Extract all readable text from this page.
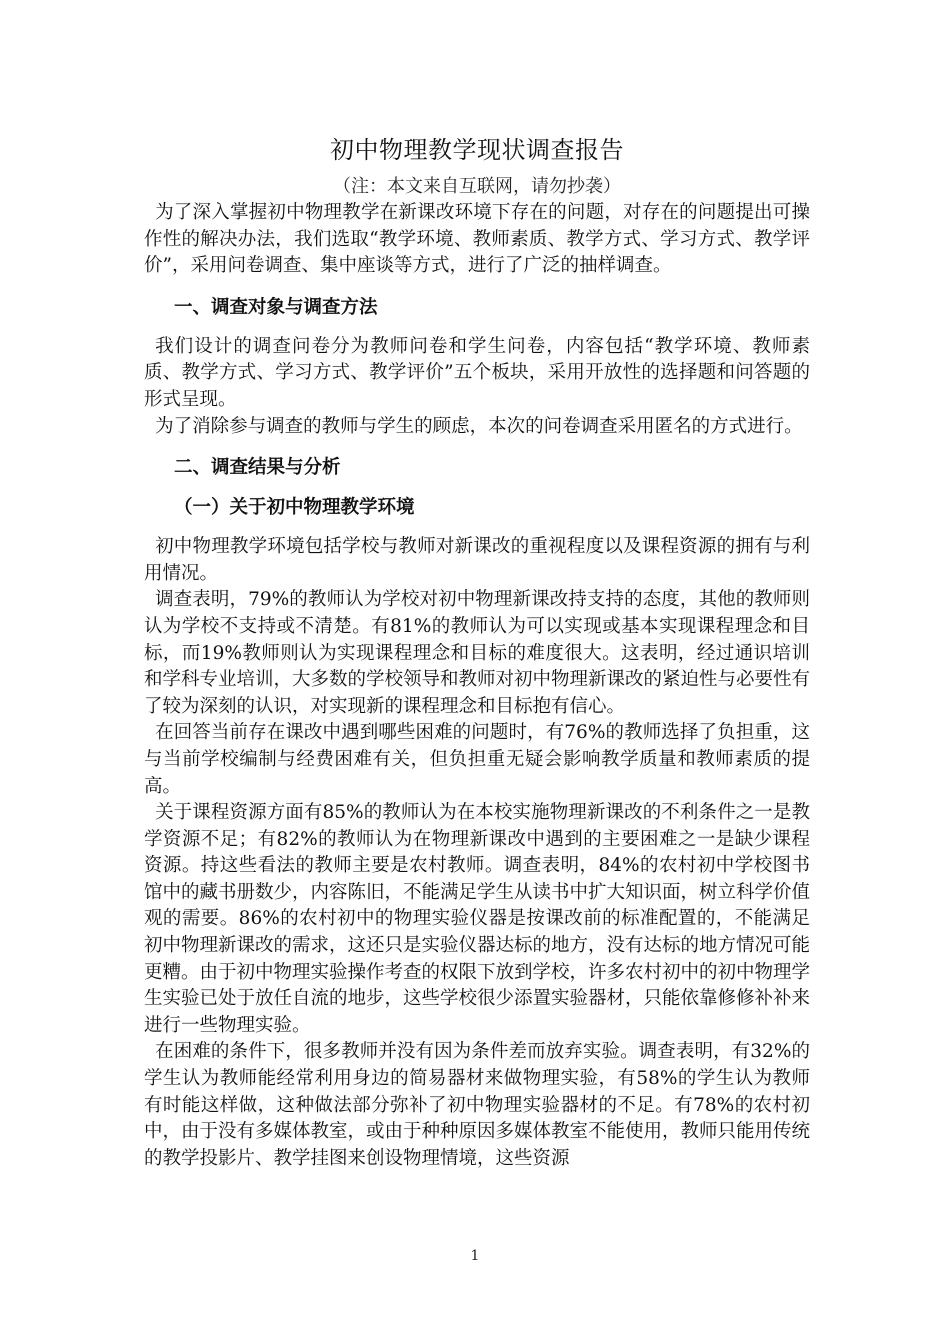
初中物理教学现状调查报告
（注：本文来自互联网，请勿抄袭）

为了深入掌握初中物理教学在新课改环境下存在的问题，对存在的问题提出可操作性的解决办法，我们选取“教学环境、教师素质、教学方式、学习方式、教学评价”，采用问卷调查、集中座谈等方式，进行了广泛的抽样调查。

一、调查对象与调查方法

我们设计的调查问卷分为教师问卷和学生问卷，内容包括“教学环境、教师素质、教学方式、学习方式、教学评价”五个板块，采用开放性的选择题和问答题的形式呈现。

为了消除参与调查的教师与学生的顾虑，本次的问卷调查采用匿名的方式进行。

二、调查结果与分析
（一）关于初中物理教学环境

初中物理教学环境包括学校与教师对新课改的重视程度以及课程资源的拥有与利用情况。

调查表明，79%的教师认为学校对初中物理新课改持支持的态度，其他的教师则认为学校不支持或不清楚。有81%的教师认为可以实现或基本实现课程理念和目标，而19%教师则认为实现课程理念和目标的难度很大。这表明，经过通识培训和学科专业培训，大多数的学校领导和教师对初中物理新课改的紧迫性与必要性有了较为深刻的认识，对实现新的课程理念和目标抱有信心。

在回答当前存在课改中遇到哪些困难的问题时，有76%的教师选择了负担重，这与当前学校编制与经费困难有关，但负担重无疑会影响教学质量和教师素质的提高。

关于课程资源方面有85%的教师认为在本校实施物理新课改的不利条件之一是教学资源不足；有82%的教师认为在物理新课改中遇到的主要困难之一是缺少课程资源。持这些看法的教师主要是农村教师。调查表明，84%的农村初中学校图书馆中的藏书册数少，内容陈旧，不能满足学生从读书中扩大知识面，树立科学价值观的需要。86%的农村初中的物理实验仪器是按课改前的标准配置的，不能满足初中物理新课改的需求，这还只是实验仪器达标的地方，没有达标的地方情况可能更糟。由于初中物理实验操作考查的权限下放到学校，许多农村初中的初中物理学生实验已处于放任自流的地步，这些学校很少添置实验器材，只能依靠修修补补来进行一些物理实验。

在困难的条件下，很多教师并没有因为条件差而放弃实验。调查表明，有32%的学生认为教师能经常利用身边的简易器材来做物理实验，有58%的学生认为教师有时能这样做，这种做法部分弥补了初中物理实验器材的不足。有78%的农村初中，由于没有多媒体教室，或由于种种原因多媒体教室不能使用，教师只能用传统的教学投影片、教学挂图来创设物理情境，这些资源

1
